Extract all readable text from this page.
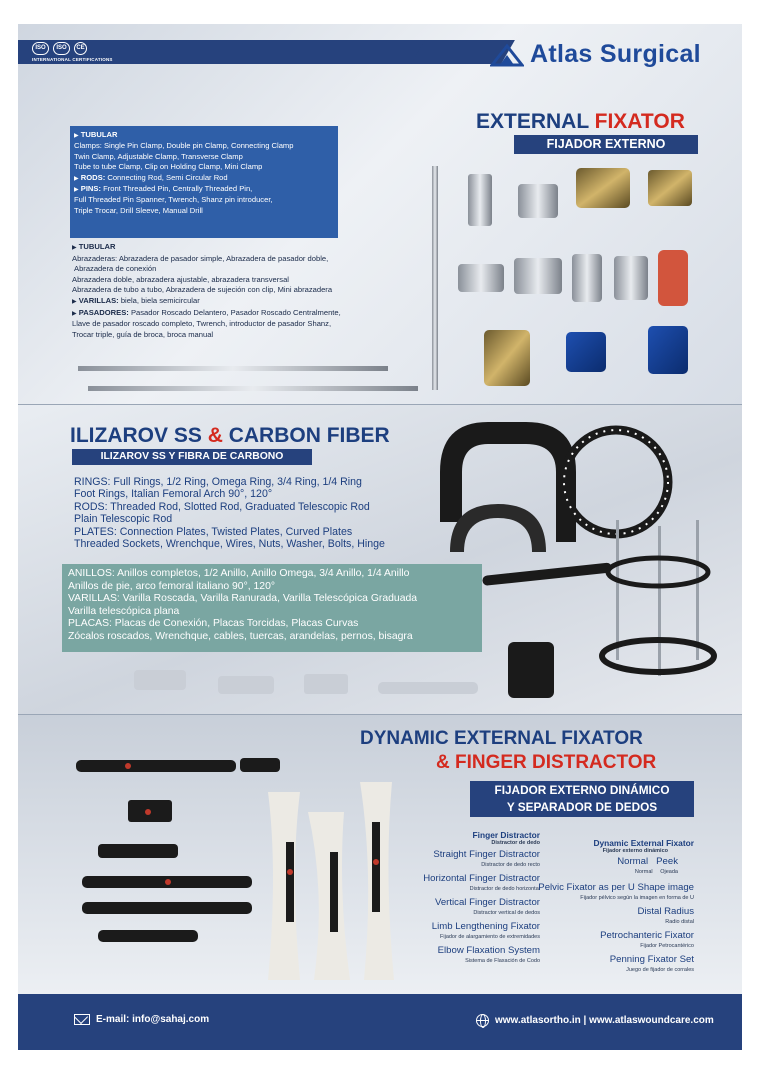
ISO	ISO	CE
INTERNATIONAL CERTIFICATIONS	Atlas Surgical
EXTERNAL FIXATOR
FIJADOR EXTERNO
▶ TUBULAR
Clamps: Single Pin Clamp, Double pin Clamp, Connecting Clamp
Twin Clamp, Adjustable Clamp, Transverse Clamp
Tube to tube Clamp, Clip on Holding Clamp, Mini Clamp
▶ RODS: Connecting Rod, Semi Circular Rod
▶ PINS: Front Threaded Pin, Centrally Threaded Pin,
Full Threaded Pin Spanner, Twrench, Shanz pin introducer,
Triple Trocar, Drill Sleeve, Manual Drill
▶ TUBULAR
Abrazaderas: Abrazadera de pasador simple, Abrazadera de pasador doble,
Abrazadera de conexión
Abrazadera doble, abrazadera ajustable, abrazadera transversal
Abrazadera de tubo a tubo, Abrazadera de sujeción con clip, Mini abrazadera
▶ VARILLAS: biela, biela semicircular
▶ PASADORES: Pasador Roscado Delantero, Pasador Roscado Centralmente,
Llave de pasador roscado completo, Twrench, introductor de pasador Shanz,
Trocar triple, guía de broca, broca manual
ILIZAROV SS & CARBON FIBER
ILIZAROV SS Y FIBRA DE CARBONO
RINGS: Full Rings, 1/2 Ring, Omega Ring, 3/4 Ring, 1/4 Ring
Foot Rings, Italian Femoral Arch 90°, 120°
RODS: Threaded Rod, Slotted Rod, Graduated Telescopic Rod
Plain Telescopic Rod
PLATES: Connection Plates, Twisted Plates, Curved Plates
Threaded Sockets, Wrenchque, Wires, Nuts, Washer, Bolts, Hinge
ANILLOS: Anillos completos, 1/2 Anillo, Anillo Omega, 3/4 Anillo, 1/4 Anillo
Anillos de pie, arco femoral italiano 90°, 120°
VARILLAS: Varilla Roscada, Varilla Ranurada, Varilla Telescópica Graduada
Varilla telescópica plana
PLACAS: Placas de Conexión, Placas Torcidas, Placas Curvas
Zócalos roscados, Wrenchque, cables, tuercas, arandelas, pernos, bisagra
DYNAMIC EXTERNAL FIXATOR
& FINGER DISTRACTOR
FIJADOR EXTERNO DINÁMICO
Y SEPARADOR DE DEDOS
Finger Distractor
Distractor de dedo
Straight Finger Distractor
Distractor de dedo recto
Horizontal Finger Distractor
Distractor de dedo horizontal
Vertical Finger Distractor
Distractor vertical de dedos
Limb Lengthening Fixator
Fijador de alargamiento de extremidades
Elbow Flaxation System
Sistema de Flaxación de Codo
Dynamic External Fixator
Fijador externo dinámico
Normal Peek
Normal Ojeada
Pelvic Fixator as per U Shape image
Fijador pélvico según la imagen en forma de U
Distal Radius
Radio distal
Petrochanteric Fixator
Fijador Petrocantérico
Penning Fixator Set
Juego de fijador de corrales
E-mail: info@sahaj.com	www.atlasortho.in | www.atlaswoundcare.com
